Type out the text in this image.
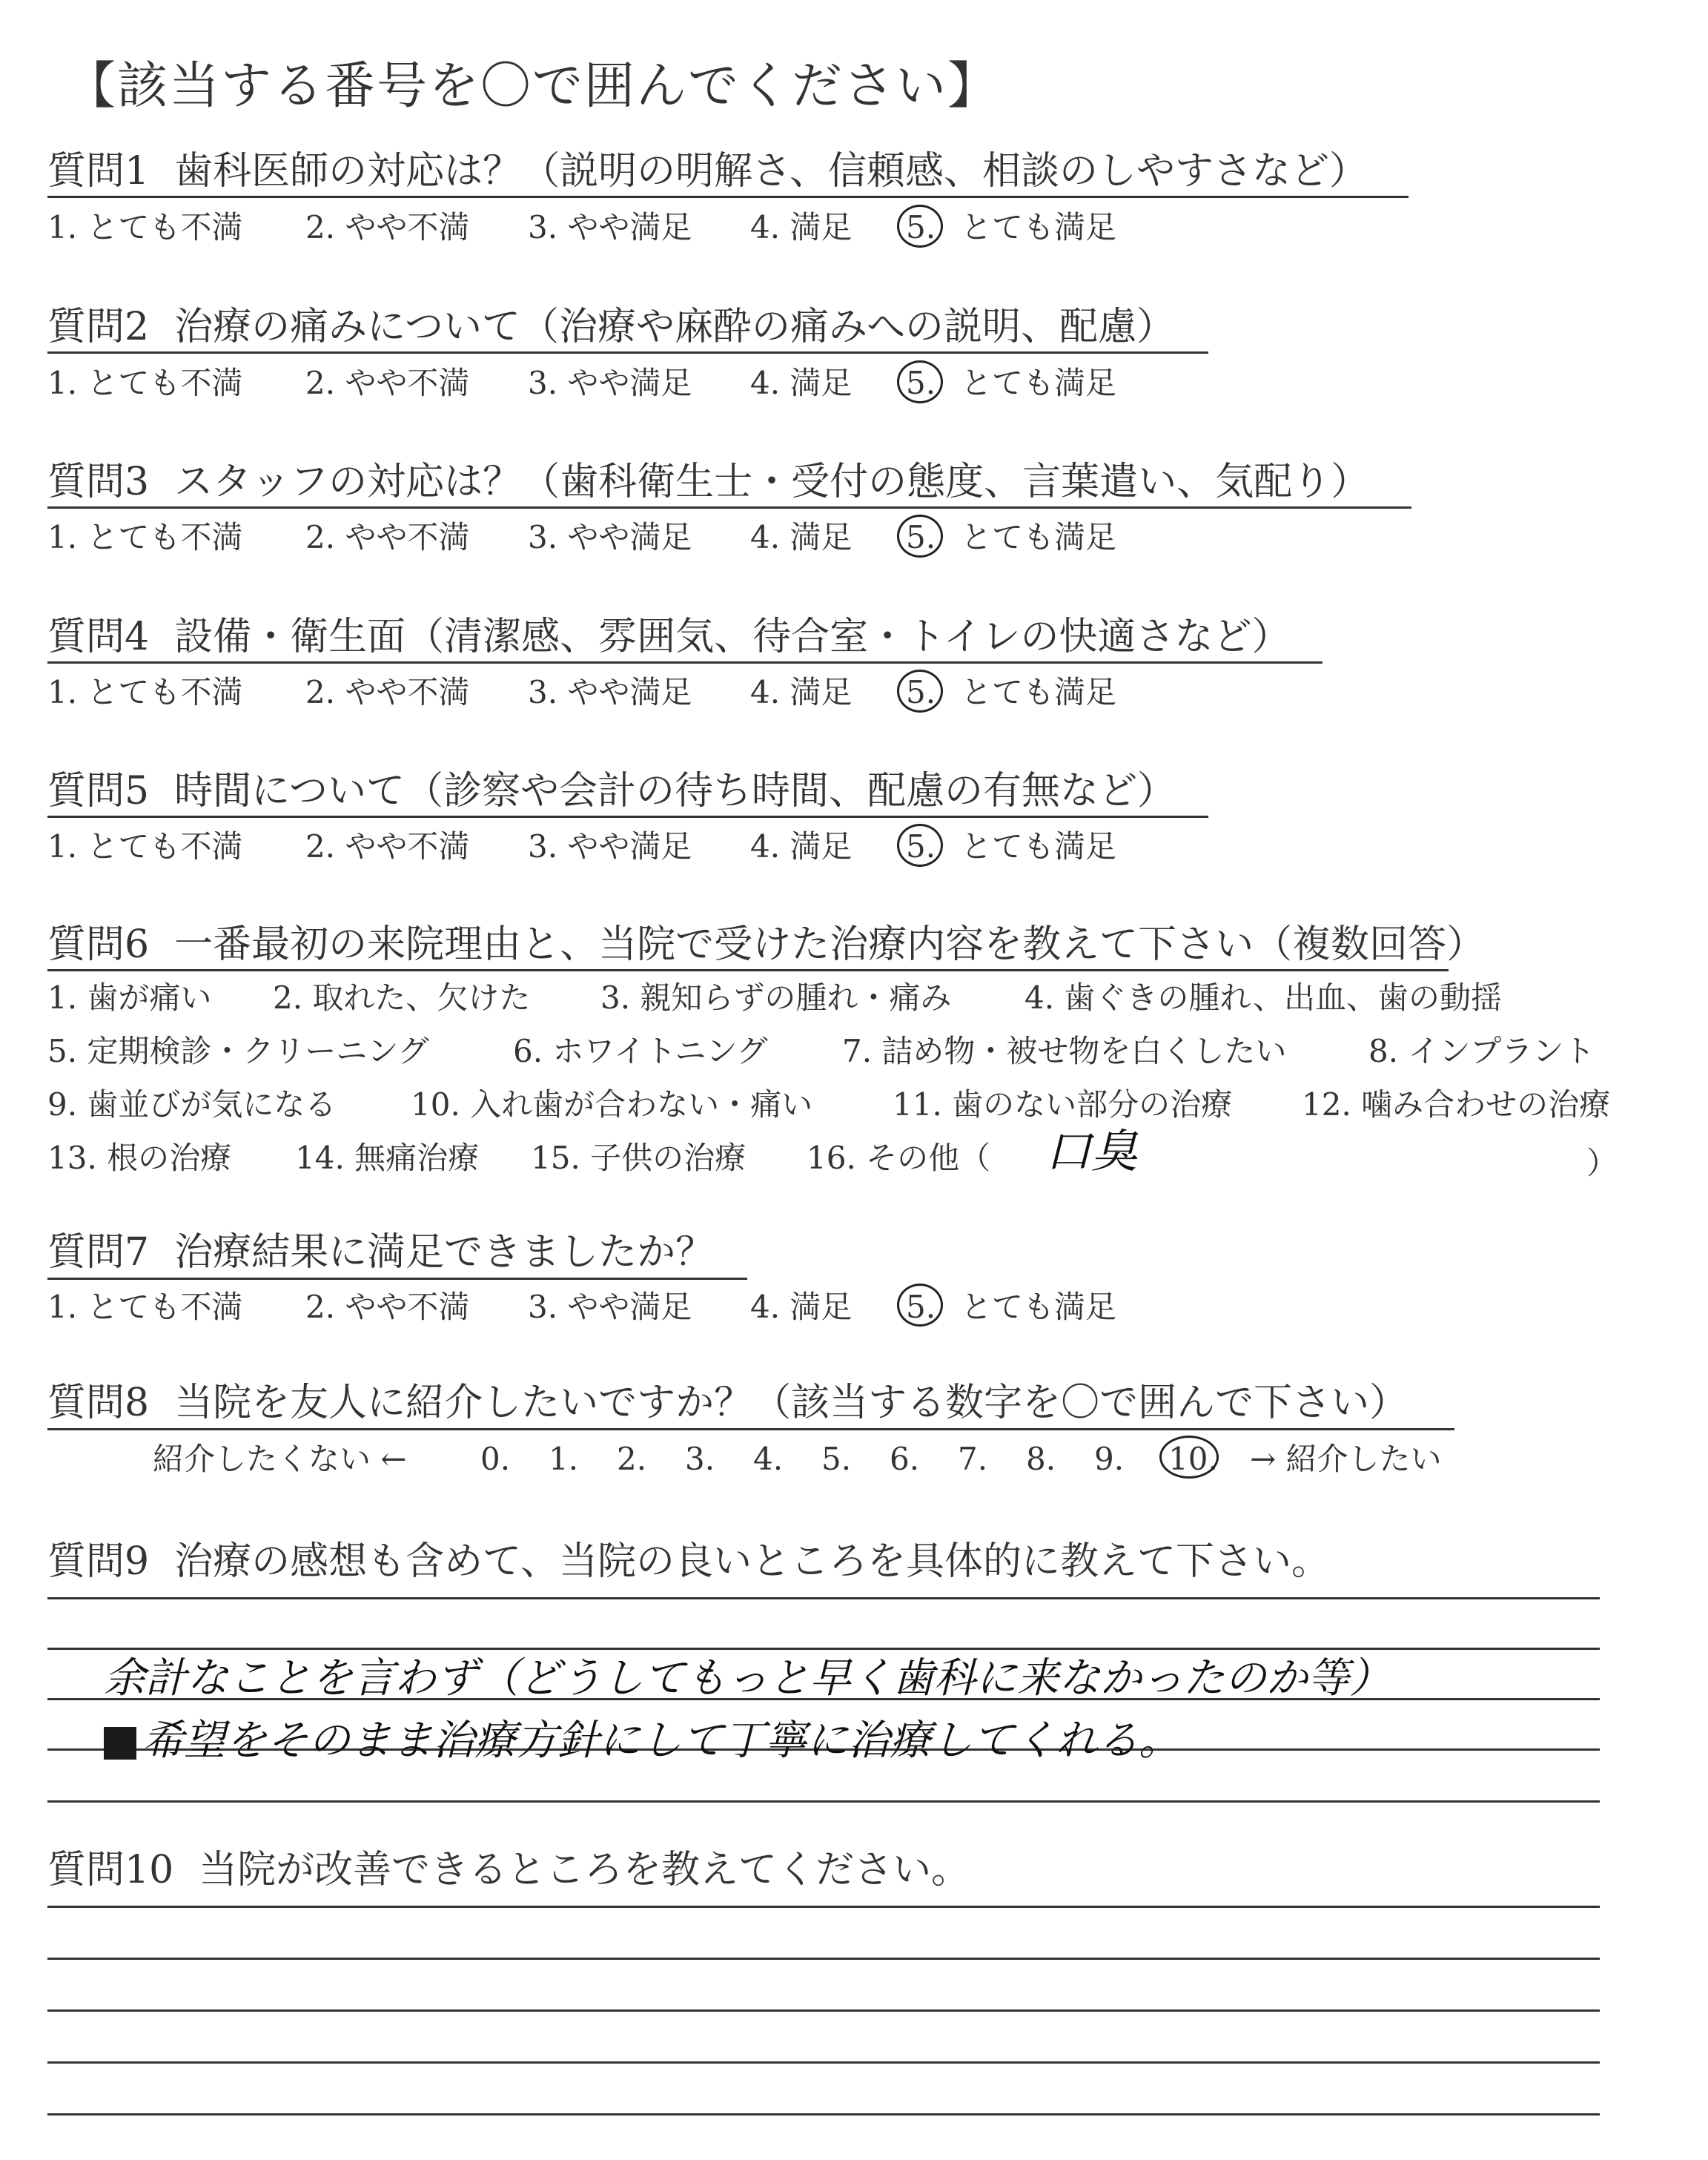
【該当する番号を〇で囲んでください】
質問1 歯科医師の対応は？（説明の明解さ、信頼感、相談のしやすさなど）
1. とても不満 2. やや不満 3. やや満足 4. 満足 5. とても満足
質問2 治療の痛みについて（治療や麻酔の痛みへの説明、配慮）
1. とても不満 2. やや不満 3. やや満足 4. 満足 5. とても満足
質問3 スタッフの対応は？（歯科衛生士・受付の態度、言葉遣い、気配り）
1. とても不満 2. やや不満 3. やや満足 4. 満足 5. とても満足
質問4 設備・衛生面（清潔感、雰囲気、待合室・トイレの快適さなど）
1. とても不満 2. やや不満 3. やや満足 4. 満足 5. とても満足
質問5 時間について（診察や会計の待ち時間、配慮の有無など）
1. とても不満 2. やや不満 3. やや満足 4. 満足 5. とても満足
質問6 一番最初の来院理由と、当院で受けた治療内容を教えて下さい（複数回答）
1. 歯が痛い 2. 取れた、欠けた 3. 親知らずの腫れ・痛み 4. 歯ぐきの腫れ、出血、歯の動揺
5. 定期検診・クリーニング	6. ホワイトニング 7. 詰め物・被せ物を白くしたい	8. インプラント
9. 歯並びが気になる 10. 入れ歯が合わない・痛い	11. 歯のない部分の治療 12. 噛み合わせの治療
13. 根の治療 14. 無痛治療 15. 子供の治療 16. その他（	）
口臭
質問7 治療結果に満足できましたか？
1. とても不満 2. やや不満 3. やや満足 4. 満足 5. とても満足
質問8 当院を友人に紹介したいですか？（該当する数字を〇で囲んで下さい）
紹介したくない ← 0. 1. 2. 3. 4. 5. 6. 7. 8. 9. 10. → 紹介したい
質問9 治療の感想も含めて、当院の良いところを具体的に教えて下さい。
余計なことを言わず（どうしてもっと早く歯科に来なかったのか等）
希望をそのまま治療方針にして丁寧に治療してくれる。
質問10 当院が改善できるところを教えてください。
